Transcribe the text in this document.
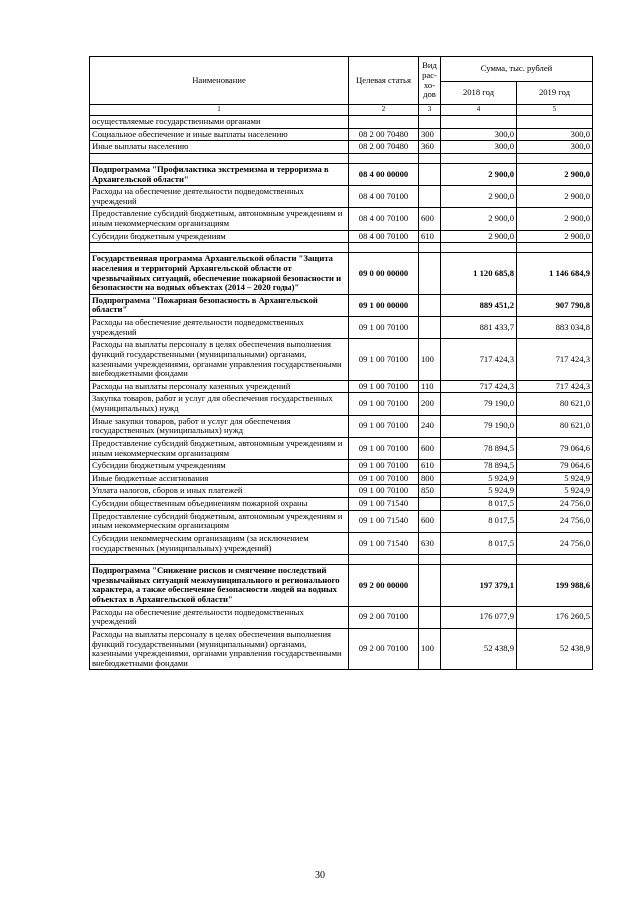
Наименование	Целевая статья	Вид рас- хо- дов	Сумма, тыс. рублей	
			2018 год	2019 год
1	2	3	4	5
осуществляемые государственными органами				
Социальное обеспечение и иные выплаты населению	08 2 00 70480	300	300,0	300,0
Иные выплаты населению	08 2 00 70480	360	300,0	300,0

Подпрограмма "Профилактика экстремизма и терроризма в Архангельской области"	08 4 00 00000		2 900,0	2 900,0
Расходы на обеспечение деятельности подведомственных учреждений	08 4 00 70100		2 900,0	2 900,0
Предоставление субсидий бюджетным, автономным учреждениям и иным некоммерческим организациям	08 4 00 70100	600	2 900,0	2 900,0
Субсидии бюджетным учреждениям	08 4 00 70100	610	2 900,0	2 900,0

Государственная программа Архангельской области "Защита населения и территорий Архангельской области от чрезвычайных ситуаций, обеспечение пожарной безопасности и безопасности на водных объектах (2014 – 2020 годы)"	09 0 00 00000		1 120 685,8	1 146 684,9
Подпрограмма "Пожарная безопасность в Архангельской области"	09 1 00 00000		889 451,2	907 790,8
Расходы на обеспечение деятельности подведомственных учреждений	09 1 00 70100		881 433,7	883 034,8
Расходы на выплаты персоналу в целях обеспечения выполнения функций государственными (муниципальными) органами, казенными учреждениями, органами управления государственными внебюджетными фондами	09 1 00 70100	100	717 424,3	717 424,3
Расходы на выплаты персоналу казенных учреждений	09 1 00 70100	110	717 424,3	717 424,3
Закупка товаров, работ и услуг для обеспечения государственных (муниципальных) нужд	09 1 00 70100	200	79 190,0	80 621,0
Иные закупки товаров, работ и услуг для обеспечения государственных (муниципальных) нужд	09 1 00 70100	240	79 190,0	80 621,0
Предоставление субсидий бюджетным, автономным учреждениям и иным некоммерческим организациям	09 1 00 70100	600	78 894,5	79 064,6
Субсидии бюджетным учреждениям	09 1 00 70100	610	78 894,5	79 064,6
Иные бюджетные ассигнования	09 1 00 70100	800	5 924,9	5 924,9
Уплата налогов, сборов и иных платежей	09 1 00 70100	850	5 924,9	5 924,9
Субсидии общественным объединениям пожарной охраны	09 1 00 71540		8 017,5	24 756,0
Предоставление субсидий бюджетным, автономным учреждениям и иным некоммерческим организациям	09 1 00 71540	600	8 017,5	24 756,0
Субсидии некоммерческим организациям (за исключением государственных (муниципальных) учреждений)	09 1 00 71540	630	8 017,5	24 756,0

Подпрограмма "Снижение рисков и смягчение последствий чрезвычайных ситуаций межмуниципального и регионального характера, а также обеспечение безопасности людей на водных объектах в Архангельской области"	09 2 00 00000		197 379,1	199 988,6
Расходы на обеспечение деятельности подведомственных учреждений	09 2 00 70100		176 077,9	176 260,5
Расходы на выплаты персоналу в целях обеспечения выполнения функций государственными (муниципальными) органами, казенными учреждениями, органами управления государственными внебюджетными фондами	09 2 00 70100	100	52 438,9	52 438,9
30
